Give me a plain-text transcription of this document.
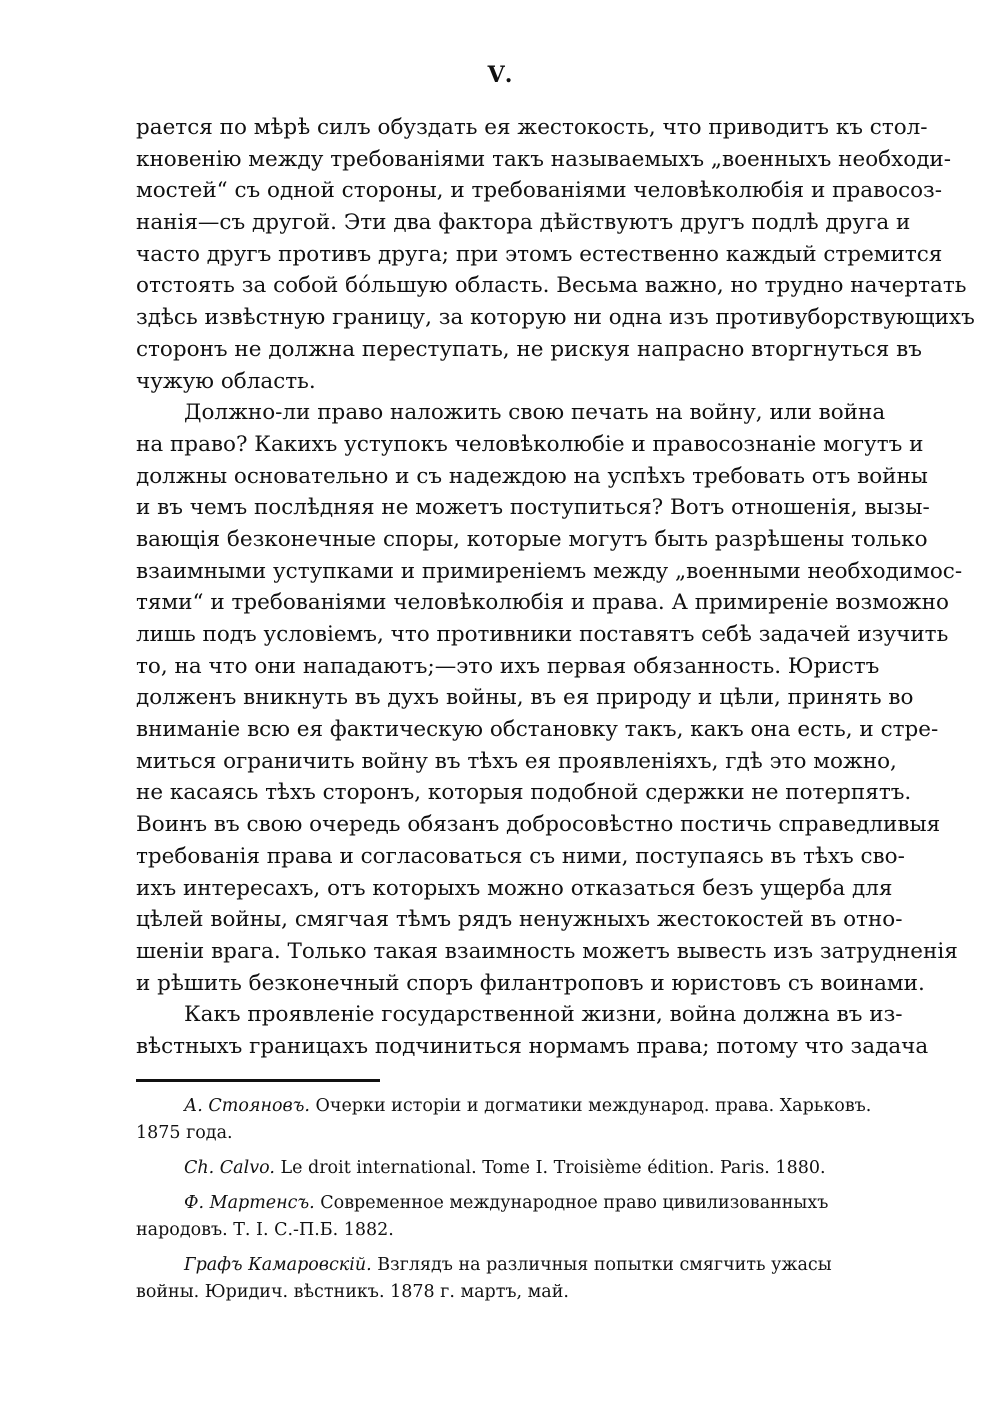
Ⅴ.
рается по мѣрѣ силъ обуздать ея жестокость, что приводитъ къ стол-
кновенію между требованіями такъ называемыхъ „военныхъ необходи-
мостей“ съ одной стороны, и требованіями человѣколюбія и правосоз-
нанія—съ другой. Эти два фактора дѣйствуютъ другъ подлѣ друга и
часто другъ противъ друга; при этомъ естественно каждый стремится
отстоять за собой бо́льшую область. Весьма важно, но трудно начертать
здѣсь извѣстную границу, за которую ни одна изъ противуборствующихъ
сторонъ не должна переступать, не рискуя напрасно вторгнуться въ
чужую область.
Должно-ли право наложить свою печать на войну, или война
на право? Какихъ уступокъ человѣколюбіе и правосознаніе могутъ и
должны основательно и съ надеждою на успѣхъ требовать отъ войны
и въ чемъ послѣдняя не можетъ поступиться? Вотъ отношенія, вызы-
вающія безконечные споры, которые могутъ быть разрѣшены только
взаимными уступками и примиреніемъ между „военными необходимос-
тями“ и требованіями человѣколюбія и права. А примиреніе возможно
лишь подъ условіемъ, что противники поставятъ себѣ задачей изучить
то, на что они нападаютъ;—это ихъ первая обязанность. Юристъ
долженъ вникнуть въ духъ войны, въ ея природу и цѣли, принять во
вниманіе всю ея фактическую обстановку такъ, какъ она есть, и стре-
миться ограничить войну въ тѣхъ ея проявленіяхъ, гдѣ это можно,
не касаясь тѣхъ сторонъ, которыя подобной сдержки не потерпятъ.
Воинъ въ свою очередь обязанъ добросовѣстно постичь справедливыя
требованія права и согласоваться съ ними, поступаясь въ тѣхъ сво-
ихъ интересахъ, отъ которыхъ можно отказаться безъ ущерба для
цѣлей войны, смягчая тѣмъ рядъ ненужныхъ жестокостей въ отно-
шеніи врага. Только такая взаимность можетъ вывесть изъ затрудненія
и рѣшить безконечный споръ филантроповъ и юристовъ съ воинами.
Какъ проявленіе государственной жизни, война должна въ из-
вѣстныхъ границахъ подчиниться нормамъ права; потому что задача
А. Стояновъ. Очерки исторіи и догматики международ. права. Харьковъ.
1875 года.
Ch. Calvo. Le droit international. Tome I. Troisième édition. Paris. 1880.
Ф. Мартенсъ. Современное международное право цивилизованныхъ
народовъ. Т. I. С.-П.Б. 1882.
Графъ Камаровскій. Взглядъ на различныя попытки смягчить ужасы
войны. Юридич. вѣстникъ. 1878 г. мартъ, май.
